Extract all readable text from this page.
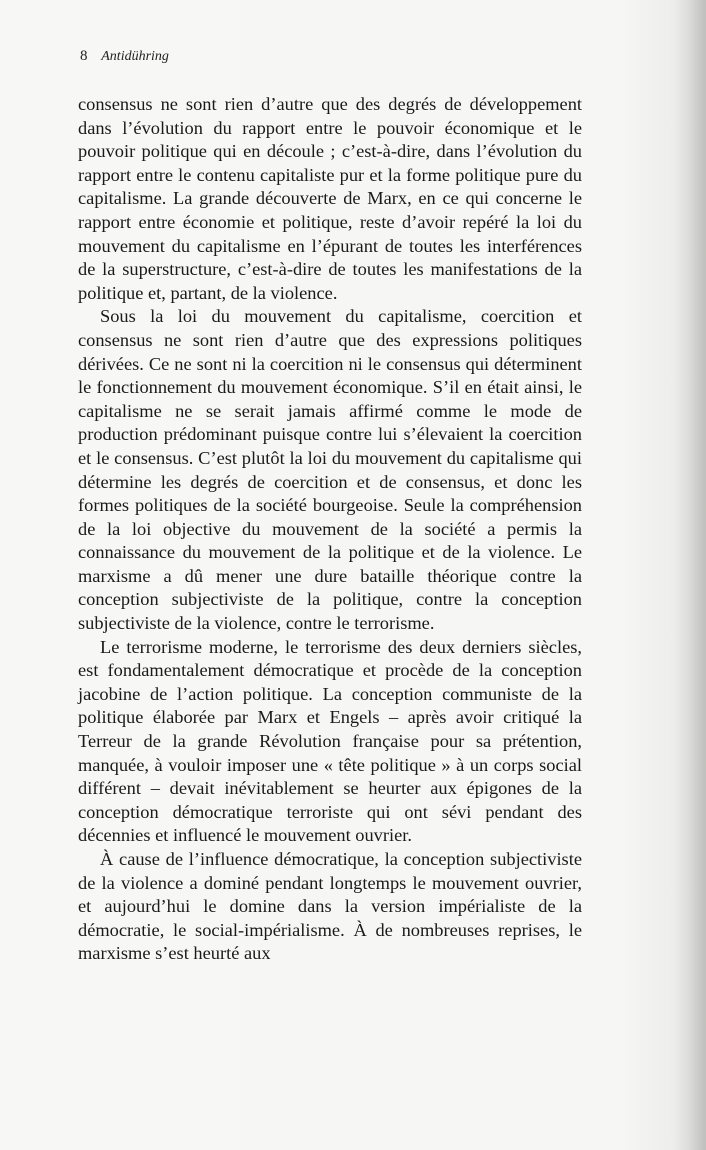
8 Antidühring

consensus ne sont rien d’autre que des degrés de développement dans l’évolution du rapport entre le pouvoir économique et le pouvoir politique qui en découle ; c’est-à-dire, dans l’évolution du rapport entre le contenu capitaliste pur et la forme politique pure du capitalisme. La grande découverte de Marx, en ce qui concerne le rapport entre économie et politique, reste d’avoir repéré la loi du mouvement du capitalisme en l’épurant de toutes les interférences de la superstructure, c’est-à-dire de toutes les manifestations de la politique et, partant, de la violence.

Sous la loi du mouvement du capitalisme, coercition et consensus ne sont rien d’autre que des expressions politiques dérivées. Ce ne sont ni la coercition ni le consensus qui déterminent le fonctionnement du mouvement économique. S’il en était ainsi, le capitalisme ne se serait jamais affirmé comme le mode de production prédominant puisque contre lui s’élevaient la coercition et le consensus. C’est plutôt la loi du mouvement du capitalisme qui détermine les degrés de coercition et de consensus, et donc les formes politiques de la société bourgeoise. Seule la compréhension de la loi objective du mouvement de la société a permis la connaissance du mouvement de la politique et de la violence. Le marxisme a dû mener une dure bataille théorique contre la conception subjectiviste de la politique, contre la conception subjectiviste de la violence, contre le terrorisme.

Le terrorisme moderne, le terrorisme des deux derniers siècles, est fondamentalement démocratique et procède de la conception jacobine de l’action politique. La conception communiste de la politique élaborée par Marx et Engels – après avoir critiqué la Terreur de la grande Révolution française pour sa prétention, manquée, à vouloir imposer une « tête politique » à un corps social différent – devait inévitablement se heurter aux épigones de la conception démocratique terroriste qui ont sévi pendant des décennies et influencé le mouvement ouvrier.

À cause de l’influence démocratique, la conception subjectiviste de la violence a dominé pendant longtemps le mouvement ouvrier, et aujourd’hui le domine dans la version impérialiste de la démocratie, le social-impérialisme. À de nombreuses reprises, le marxisme s’est heurté aux
